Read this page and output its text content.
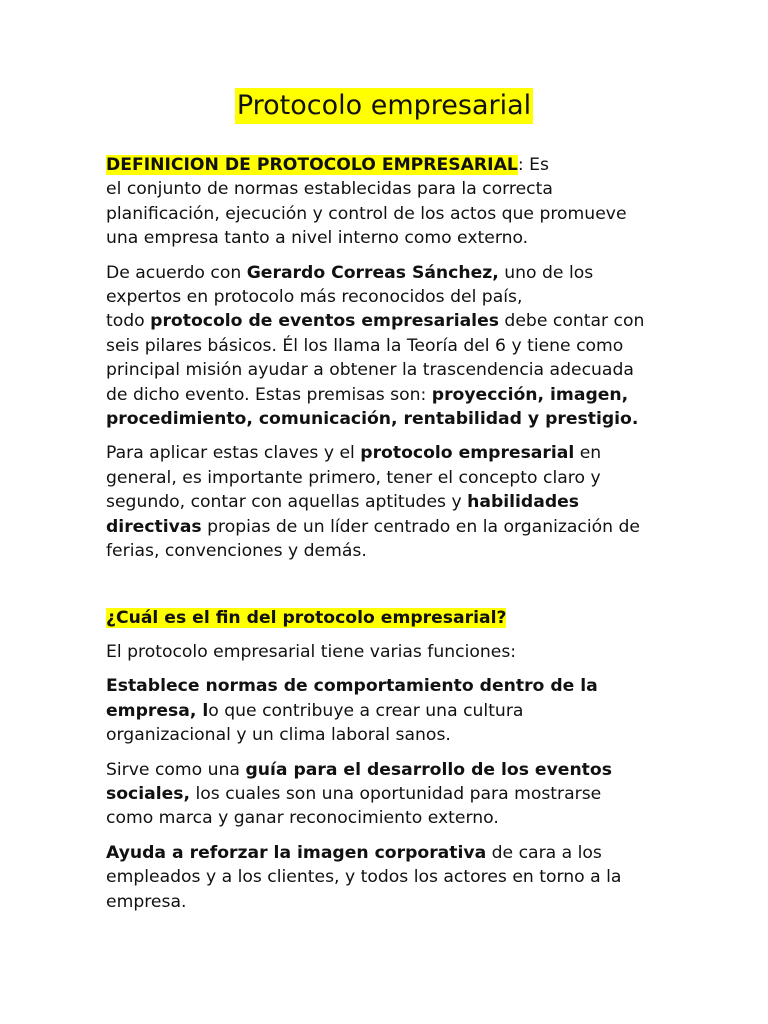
Protocolo empresarial

DEFINICION DE PROTOCOLO EMPRESARIAL: Es
el conjunto de normas establecidas para la correcta
planificación, ejecución y control de los actos que promueve
una empresa tanto a nivel interno como externo.

De acuerdo con Gerardo Correas Sánchez, uno de los
expertos en protocolo más reconocidos del país,
todo protocolo de eventos empresariales debe contar con
seis pilares básicos. Él los llama la Teoría del 6 y tiene como
principal misión ayudar a obtener la trascendencia adecuada
de dicho evento. Estas premisas son: proyección, imagen,
procedimiento, comunicación, rentabilidad y prestigio.

Para aplicar estas claves y el protocolo empresarial en
general, es importante primero, tener el concepto claro y
segundo, contar con aquellas aptitudes y habilidades
directivas propias de un líder centrado en la organización de
ferias, convenciones y demás.

¿Cuál es el fin del protocolo empresarial?

El protocolo empresarial tiene varias funciones:

Establece normas de comportamiento dentro de la
empresa, lo que contribuye a crear una cultura
organizacional y un clima laboral sanos.

Sirve como una guía para el desarrollo de los eventos
sociales, los cuales son una oportunidad para mostrarse
como marca y ganar reconocimiento externo.

Ayuda a reforzar la imagen corporativa de cara a los
empleados y a los clientes, y todos los actores en torno a la
empresa.
